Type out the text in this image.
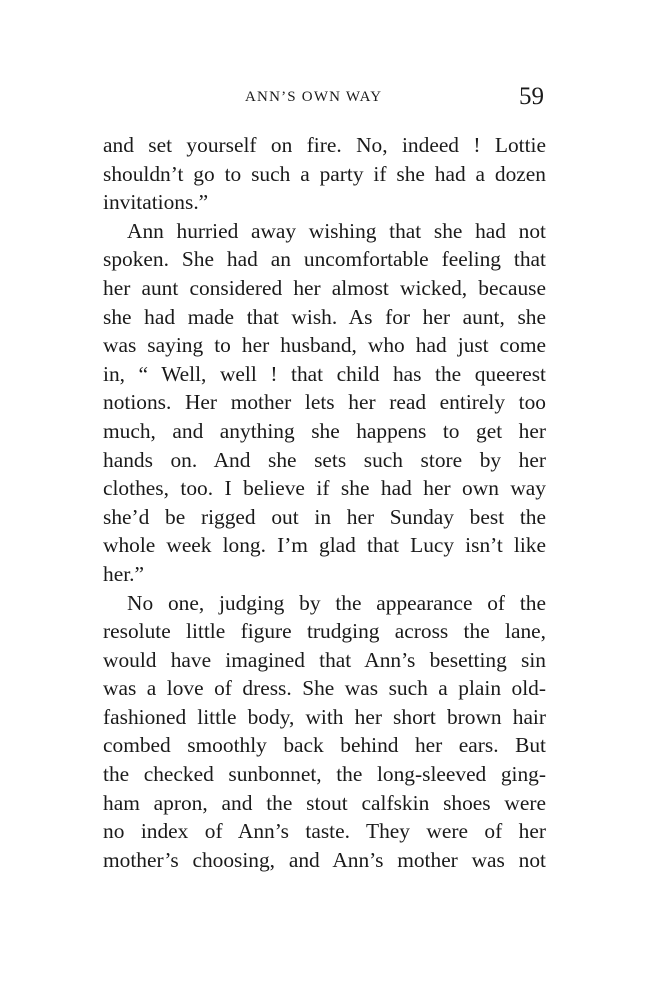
ANN’S OWN WAY	59
and set yourself on fire. No, indeed ! Lottie
shouldn’t go to such a party if she had a dozen
invitations.”
Ann hurried away wishing that she had not
spoken. She had an uncomfortable feeling that
her aunt considered her almost wicked, because
she had made that wish. As for her aunt, she
was saying to her husband, who had just come
in, “ Well, well ! that child has the queerest
notions. Her mother lets her read entirely too
much, and anything she happens to get her
hands on. And she sets such store by her
clothes, too. I believe if she had her own way
she’d be rigged out in her Sunday best the
whole week long. I’m glad that Lucy isn’t like
her.”
No one, judging by the appearance of the
resolute little figure trudging across the lane,
would have imagined that Ann’s besetting sin
was a love of dress. She was such a plain old-
fashioned little body, with her short brown hair
combed smoothly back behind her ears. But
the checked sunbonnet, the long-sleeved ging-
ham apron, and the stout calfskin shoes were
no index of Ann’s taste. They were of her
mother’s choosing, and Ann’s mother was not
